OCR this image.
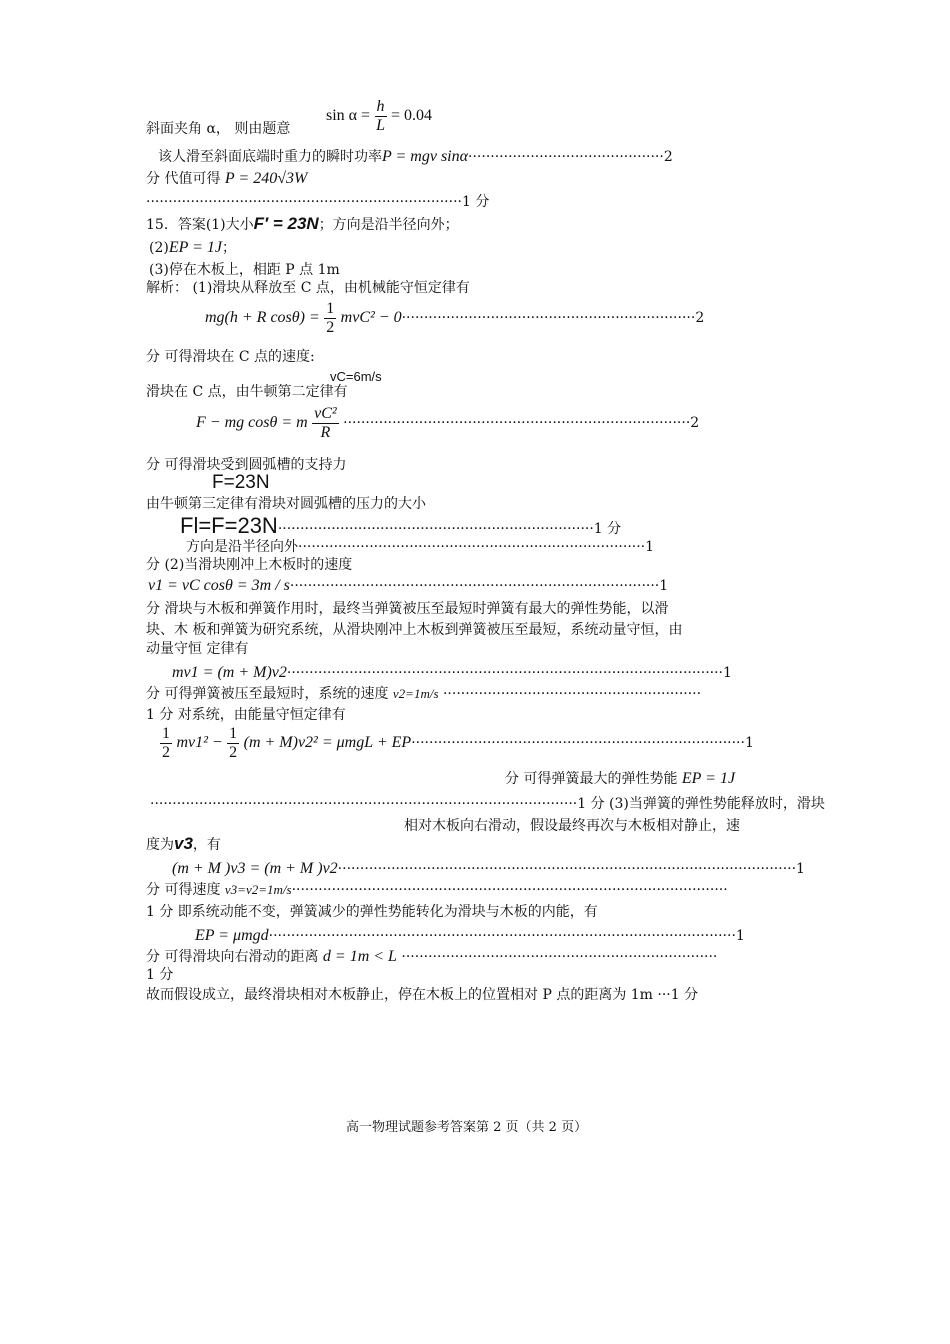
斜面夹角 α， 则由题意
$\sin \alpha = \frac{h}{L} = 0.04$
该人滑至斜面底端时重力的瞬时功率P = mgv sinα············································2
分 代值可得 P = 240√3W
·······································································1 分
15．答案(1)大小F′ = 23N；方向是沿半径向外；
(2)EP = 1J；
(3)停在木板上，相距 P 点 1m
解析： (1)滑块从释放至 C 点，由机械能守恒定律有
mg(h + R $\cos\theta) = \frac{1}{2} mvC^2 - 0\cdot\cdot\cdot\cdot\cdot\cdot\cdot\cdot\cdot\cdot\cdot\cdot\cdot\cdot\cdot\cdot\cdot\cdot\cdot\cdot\cdot\cdot\cdot\cdot\cdot\cdot\cdot\cdot\cdot\cdot\cdot\cdot\cdot\cdot\cdot\cdot\cdot\cdot\cdot\cdot\cdot\cdot\cdot\cdot\cdot\cdot\cdot\cdot\cdot\cdot\cdot\cdot\cdot\cdot\cdot\cdot\cdot\cdot\cdot\cdot\cdot\cdot\cdot\cdot\cdot\cdot 2$
分 可得滑块在 C 点的速度:
vC=6m/s
滑块在 C 点，由牛顿第二定律有
F − mg cosθ = m $\frac{\text{vC²}}{R} \cdot\cdot\cdot\cdot\cdot\cdot\cdot\cdot\cdot\cdot\cdot\cdot\cdot\cdot\cdot\cdot\cdot\cdot\cdot\cdot\cdot\cdot\cdot\cdot\cdot\cdot\cdot\cdot\cdot\cdot\cdot\cdot\cdot\cdot\cdot\cdot\cdot\cdot\cdot\cdot\cdot\cdot\cdot\cdot\cdot\cdot\cdot\cdot\cdot\cdot\cdot\cdot\cdot\cdot\cdot\cdot\cdot\cdot\cdot\cdot\cdot\cdot\cdot\cdot\cdot\cdot\cdot\cdot\cdot\cdot\cdot\cdot\cdot\cdot\cdot\cdot\cdot\cdot 2$
分 可得滑块受到圆弧槽的支持力
F=23N
由牛顿第三定律有滑块对圆弧槽的压力的大小
Fl=F=23N·······································································1 分
方向是沿半径向外··············································································1
分 (2)当滑块刚冲上木板时的速度
v1 = vC cosθ = 3m / s···················································································1
分 滑块与木板和弹簧作用时，最终当弹簧被压至最短时弹簧有最大的弹性势能，以滑
块、木 板和弹簧为研究系统，从滑块刚冲上木板到弹簧被压至最短，系统动量守恒，由
动量守恒 定律有
mv1 = (m + M)v2··································································································1
分 可得弹簧被压至最短时，系统的速度 v2=1m/s ··························································
1 分 对系统，由能量守恒定律有
$\frac{1}{2} mv1^2 - \frac{1}{2} (m + M)v2^2 = \mu mgL + EP\cdot\cdot\cdot\cdot\cdot\cdot\cdot\cdot\cdot\cdot\cdot\cdot\cdot\cdot\cdot\cdot\cdot\cdot\cdot\cdot\cdot\cdot\cdot\cdot\cdot\cdot\cdot\cdot\cdot\cdot\cdot\cdot\cdot\cdot\cdot\cdot\cdot\cdot\cdot\cdot\cdot\cdot\cdot\cdot\cdot\cdot\cdot\cdot\cdot\cdot\cdot\cdot\cdot\cdot\cdot\cdot\cdot\cdot\cdot\cdot\cdot\cdot\cdot\cdot\cdot\cdot\cdot\cdot\cdot\cdot\cdot\cdot\cdot\cdot\cdot 1$
分 可得弹簧最大的弹性势能 EP = 1J
································································································1 分 (3)当弹簧的弹性势能释放时，滑块
相对木板向右滑动，假设最终再次与木板相对静止，速
度为v3，有
(m + M )v3 = (m + M )v2·······································································································1
分 可得速度 v3=v2=1m/s··································································································
1 分 即系统动能不变，弹簧减少的弹性势能转化为滑块与木板的内能，有
EP = μmgd·········································································································1
分 可得滑块向右滑动的距离 d = 1m < L ·······································································
1 分
故而假设成立，最终滑块相对木板静止，停在木板上的位置相对 P 点的距离为 1m ···1 分
高一物理试题参考答案第 2 页（共 2 页）
